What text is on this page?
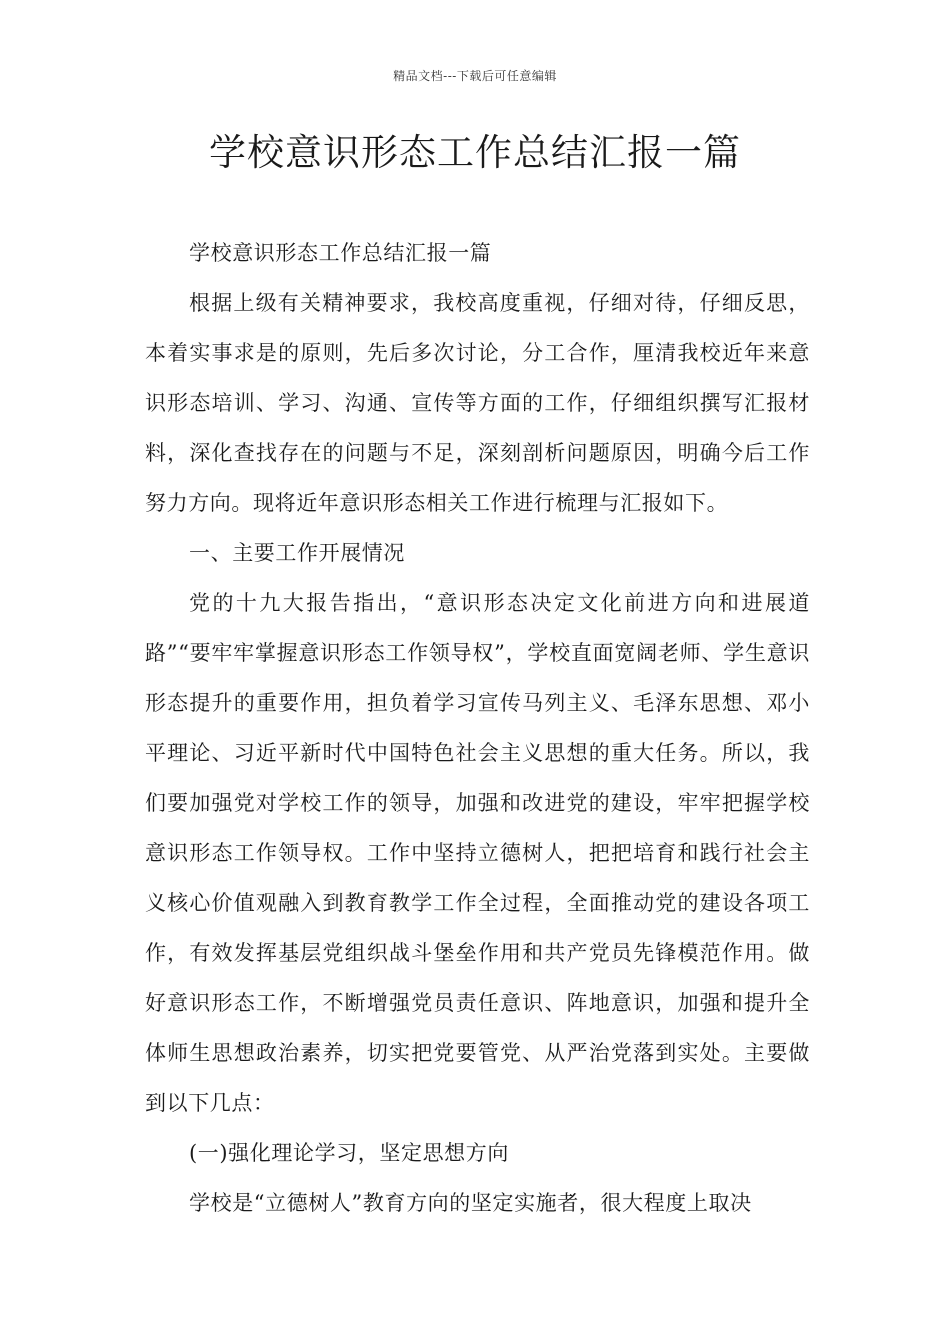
精品文档---下载后可任意编辑
学校意识形态工作总结汇报一篇

学校意识形态工作总结汇报一篇

根据上级有关精神要求，我校高度重视，仔细对待，仔细反思，本着实事求是的原则，先后多次讨论，分工合作，厘清我校近年来意识形态培训、学习、沟通、宣传等方面的工作，仔细组织撰写汇报材料，深化查找存在的问题与不足，深刻剖析问题原因，明确今后工作努力方向。现将近年意识形态相关工作进行梳理与汇报如下。

一、主要工作开展情况

党的十九大报告指出，“意识形态决定文化前进方向和进展道路”“要牢牢掌握意识形态工作领导权”，学校直面宽阔老师、学生意识形态提升的重要作用，担负着学习宣传马列主义、毛泽东思想、邓小平理论、习近平新时代中国特色社会主义思想的重大任务。所以，我们要加强党对学校工作的领导，加强和改进党的建设，牢牢把握学校意识形态工作领导权。工作中坚持立德树人，把把培育和践行社会主义核心价值观融入到教育教学工作全过程，全面推动党的建设各项工作，有效发挥基层党组织战斗堡垒作用和共产党员先锋模范作用。做好意识形态工作，不断增强党员责任意识、阵地意识，加强和提升全体师生思想政治素养，切实把党要管党、从严治党落到实处。主要做到以下几点：

(一)强化理论学习，坚定思想方向

学校是“立德树人”教育方向的坚定实施者，很大程度上取决
